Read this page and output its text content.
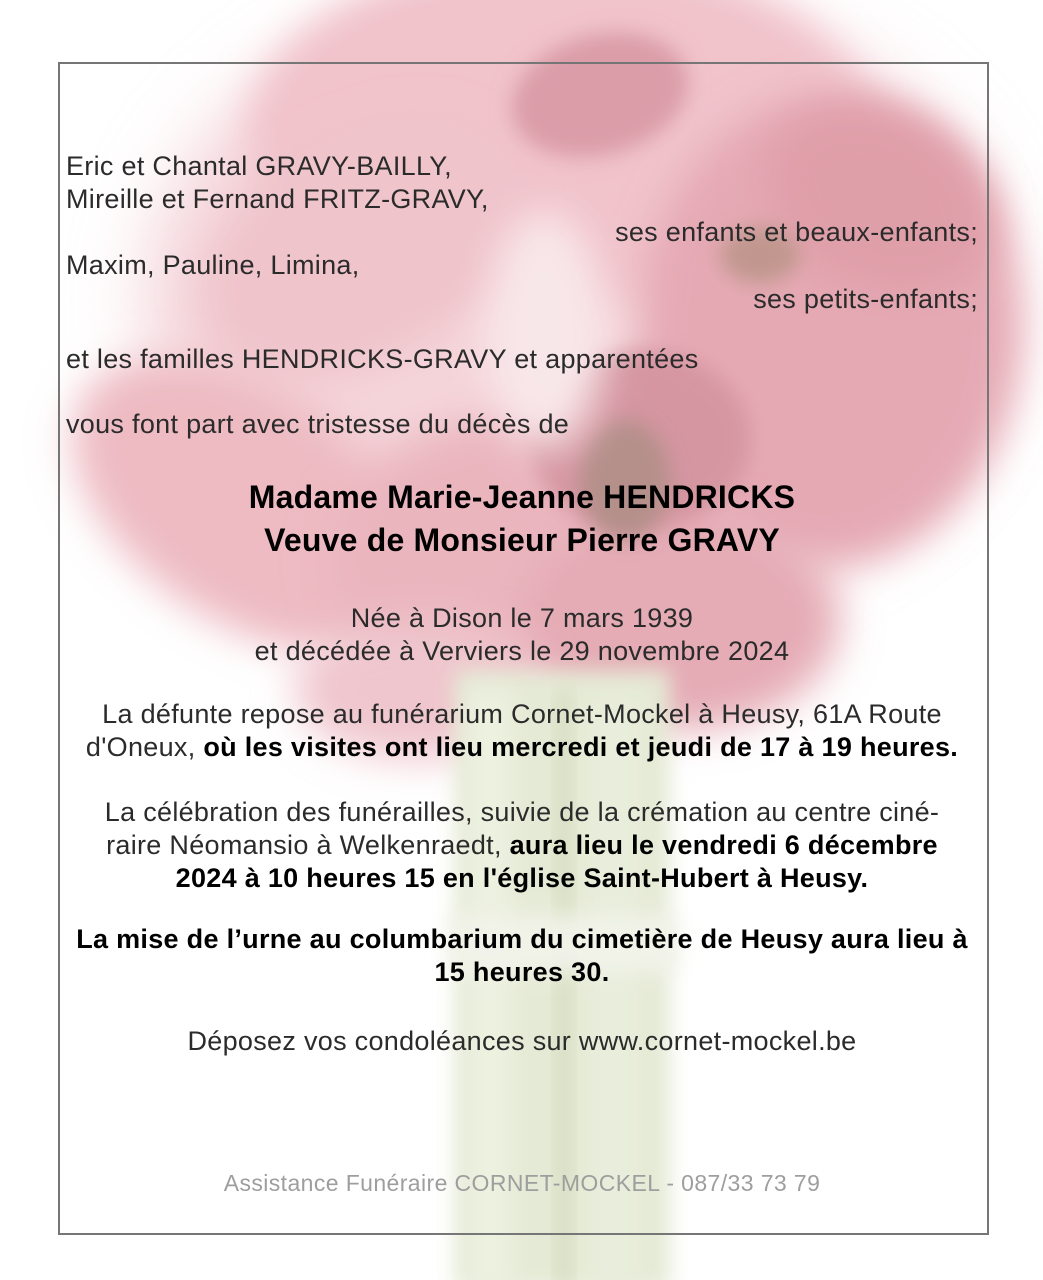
Eric et Chantal GRAVY-BAILLY,
Mireille et Fernand FRITZ-GRAVY,
ses enfants et beaux-enfants;
Maxim, Pauline, Limina,
ses petits-enfants;
et les familles HENDRICKS-GRAVY et apparentées
vous font part avec tristesse du décès de
Madame Marie-Jeanne HENDRICKS
Veuve de Monsieur Pierre GRAVY
Née à Dison le 7 mars 1939
et décédée à Verviers le 29 novembre 2024
La défunte repose au funérarium Cornet-Mockel à Heusy, 61A Route
d'Oneux, où les visites ont lieu mercredi et jeudi de 17 à 19 heures.
La célébration des funérailles, suivie de la crémation au centre ciné-
raire Néomansio à Welkenraedt, aura lieu le vendredi 6 décembre
2024 à 10 heures 15 en l'église Saint-Hubert à Heusy.
La mise de l’urne au columbarium du cimetière de Heusy aura lieu à
15 heures 30.
Déposez vos condoléances sur www.cornet-mockel.be
Assistance Funéraire CORNET-MOCKEL - 087/33 73 79
